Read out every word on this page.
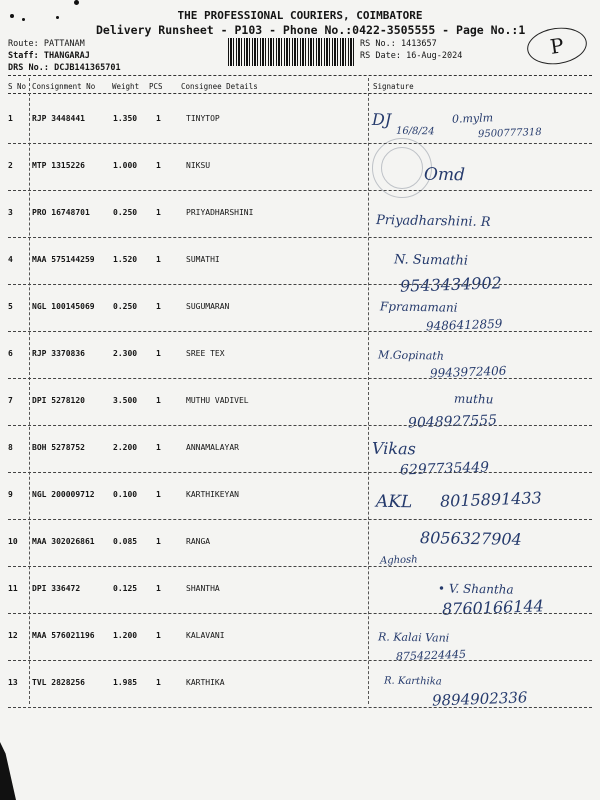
THE PROFESSIONAL COURIERS, COIMBATORE
Delivery Runsheet - P103 - Phone No.:0422-3505555 - Page No.:1
Route: PATTANAM
Staff: THANGARAJ
DRS No.: DCJB141365701
RS No.: 1413657
RS Date: 16-Aug-2024	P
S No Consignment No Weight PCS Consignee Details	Signature
1 RJP 3448441	1.350 1	TINYTOP	DJ	0.mylm
16/8/24	9500777318
2 MTP 1315226	1.000 1	NIKSU	Omd
3 PRO 16748701	0.250 1	PRIYADHARSHINI
Priyadharshini. R
4 MAA 575144259 1.520 1	SUMATHI	N. Sumathi
9543434902
5 NGL 100145069 0.250 1	SUGUMARAN	Fpramamani
9486412859
6 RJP 3370836	2.300 1	SREE TEX	M.Gopinath
9943972406
7 DPI 5278120	3.500 1	MUTHU VADIVEL	muthu
9048927555
8 BOH 5278752	2.200 1	ANNAMALAYAR	Vikas
6297735449
9 NGL 200009712 0.100 1	KARTHIKEYAN	AKL 8015891433
10 MAA 302026861 0.085 1	RANGA	8056327904
Aghosh
11 DPI 336472	0.125 1	SHANTHA	• V. Shantha
8760166144
12 MAA 576021196 1.200 1	KALAVANI	R. Kalai Vani
8754224445
13 TVL 2828256	1.985 1	KARTHIKA	R. Karthika
9894902336
